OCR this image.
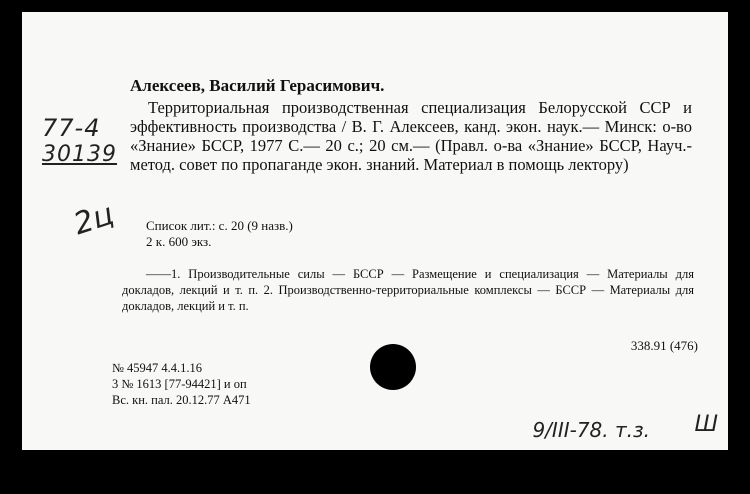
Алексеев, Василий Герасимович.
Территориальная производственная специализация Белорусской ССР и эффективность производства / В. Г. Алексеев, канд. экон. наук.— Минск: о-во «Знание» БССР, 1977 С.— 20 с.; 20 см.— (Правл. о-ва «Знание» БССР, Науч.-метод. совет по пропаганде экон. знаний. Материал в помощь лектору)
Список лит.: с. 20 (9 назв.)
2 к. 600 экз.
——1. Производительные силы — БССР — Размещение и специализация — Материалы для докладов, лекций и т. п. 2. Производственно-территориальные комплексы — БССР — Материалы для докладов, лекций и т. п.
338.91 (476)
№ 45947 4.4.1.16
3 № 1613 [77-94421] и оп
Вс. кн. пал. 20.12.77 А471
77-4
30139
2ц
9/III-78. т.з. Ш
